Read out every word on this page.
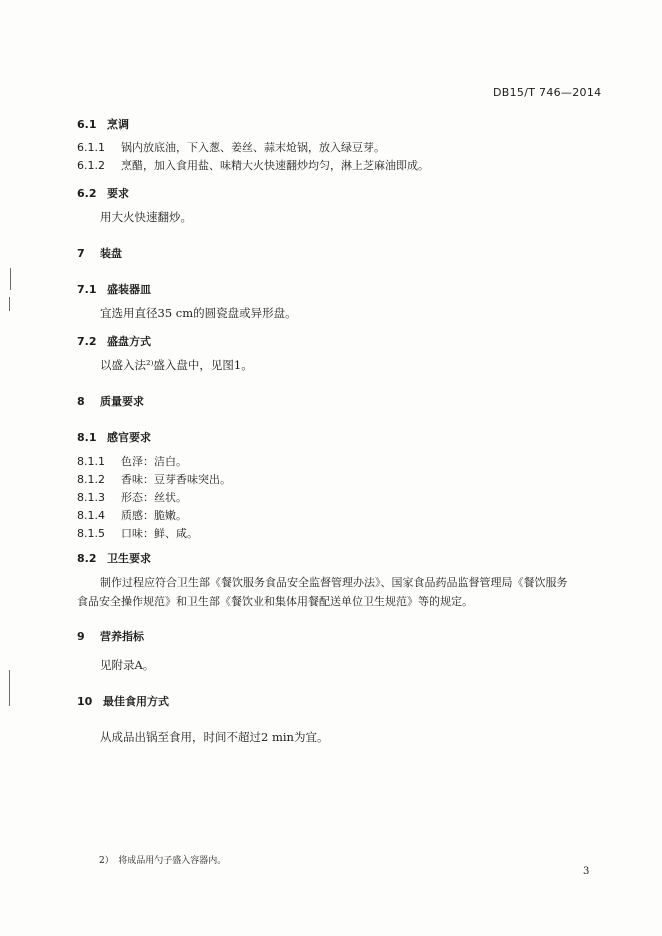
DB15/T 746—2014
6.1 烹调
6.1.1 锅内放底油，下入葱、姜丝、蒜末炝锅，放入绿豆芽。
6.1.2 烹醋，加入食用盐、味精大火快速翻炒均匀，淋上芝麻油即成。
6.2 要求
用大火快速翻炒。
7 装盘
7.1 盛装器皿
宜选用直径35 cm的圆瓷盘或异形盘。
7.2 盛盘方式
以盛入法²⁾盛入盘中，见图1。
8 质量要求
8.1 感官要求
8.1.1 色泽：洁白。
8.1.2 香味：豆芽香味突出。
8.1.3 形态：丝状。
8.1.4 质感：脆嫩。
8.1.5 口味：鲜、咸。
8.2 卫生要求
制作过程应符合卫生部《餐饮服务食品安全监督管理办法》、国家食品药品监督管理局《餐饮服务
食品安全操作规范》和卫生部《餐饮业和集体用餐配送单位卫生规范》等的规定。
9 营养指标
见附录A。
10 最佳食用方式
从成品出锅至食用，时间不超过2 min为宜。
2）　将成品用勺子盛入容器内。
3
